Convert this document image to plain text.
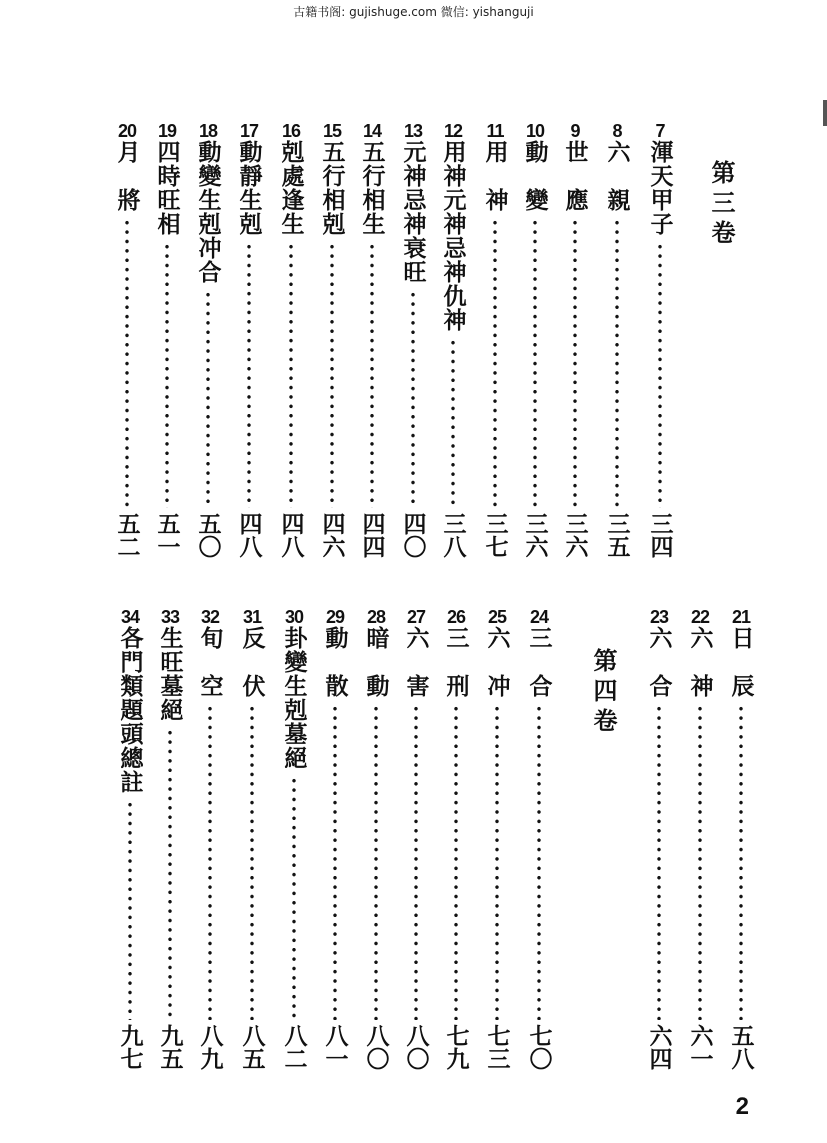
古籍书阁: gujishuge.com 微信: yishanguji
第三卷
第四卷
7
渾天甲子
三四
8
六　親
三五
9
世　應
三六
10
動　變
三六
11
用　神
三七
12
用神元神忌神仇神
三八
13
元神忌神衰旺
四〇
14
五行相生
四四
15
五行相剋
四六
16
剋處逢生
四八
17
動靜生剋
四八
18
動變生剋冲合
五〇
19
四時旺相
五一
20
月　將
五二
21
日　辰
五八
22
六　神
六一
23
六　合
六四
24
三　合
七〇
25
六　冲
七三
26
三　刑
七九
27
六　害
八〇
28
暗　動
八〇
29
動　散
八一
30
卦變生剋墓絕
八二
31
反　伏
八五
32
旬　空
八九
33
生旺墓絕
九五
34
各門類題頭總註
九七
2
